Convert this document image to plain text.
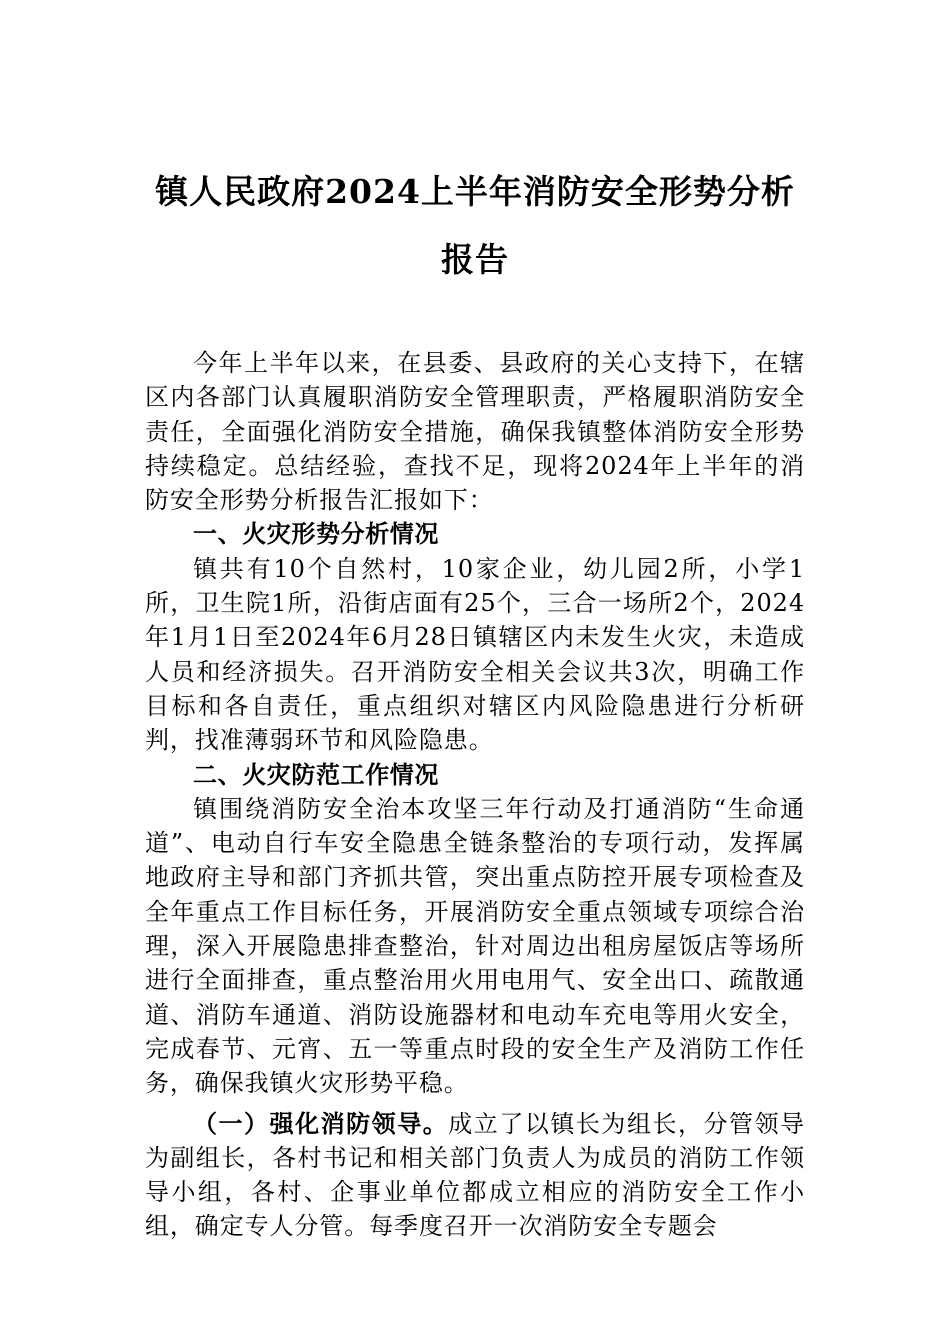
镇人民政府2024上半年消防安全形势分析
报告

今年上半年以来，在县委、县政府的关心支持下，在辖区内各部门认真履职消防安全管理职责，严格履职消防安全责任，全面强化消防安全措施，确保我镇整体消防安全形势持续稳定。总结经验，查找不足，现将2024年上半年的消防安全形势分析报告汇报如下：

一、火灾形势分析情况

镇共有10个自然村，10家企业，幼儿园2所，小学1所，卫生院1所，沿街店面有25个，三合一场所2个，2024年1月1日至2024年6月28日镇辖区内未发生火灾，未造成人员和经济损失。召开消防安全相关会议共3次，明确工作目标和各自责任，重点组织对辖区内风险隐患进行分析研判，找准薄弱环节和风险隐患。

二、火灾防范工作情况

镇围绕消防安全治本攻坚三年行动及打通消防“生命通道”、电动自行车安全隐患全链条整治的专项行动，发挥属地政府主导和部门齐抓共管，突出重点防控开展专项检查及全年重点工作目标任务，开展消防安全重点领域专项综合治理，深入开展隐患排查整治，针对周边出租房屋饭店等场所进行全面排查，重点整治用火用电用气、安全出口、疏散通道、消防车通道、消防设施器材和电动车充电等用火安全，完成春节、元宵、五一等重点时段的安全生产及消防工作任务，确保我镇火灾形势平稳。

（一）强化消防领导。成立了以镇长为组长，分管领导为副组长，各村书记和相关部门负责人为成员的消防工作领导小组，各村、企事业单位都成立相应的消防安全工作小组，确定专人分管。每季度召开一次消防安全专题会
